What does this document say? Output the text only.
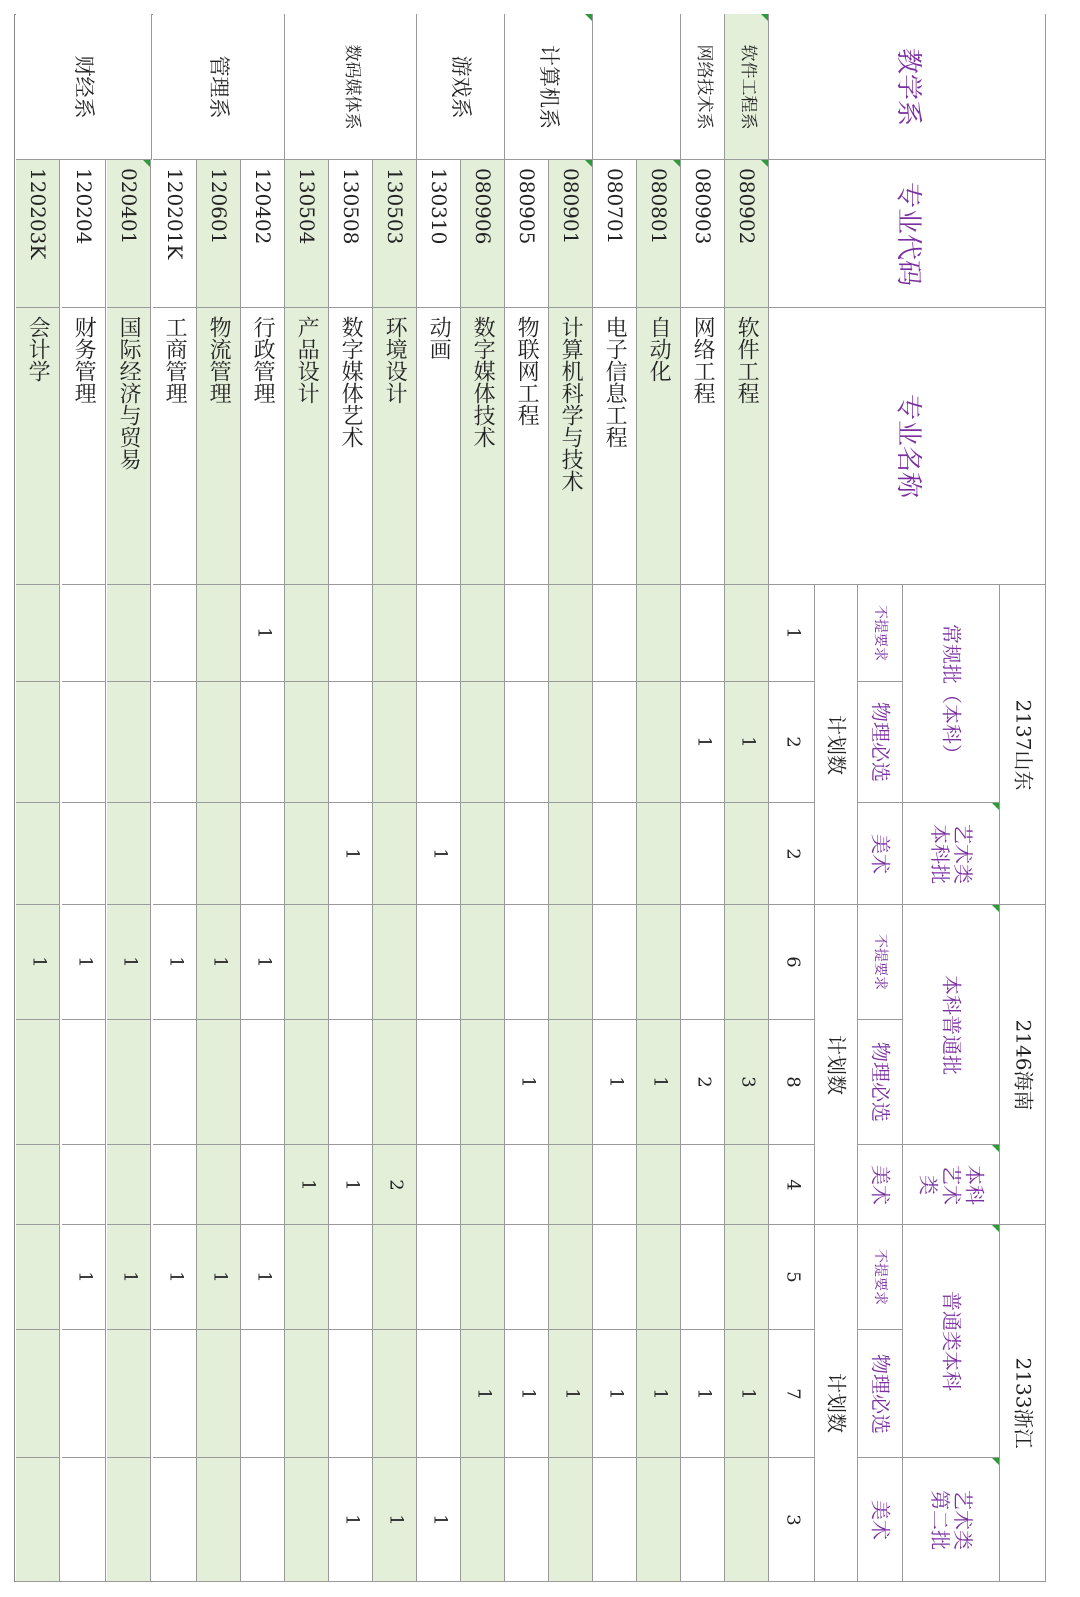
教学系
专业代码
专业名称
软件工程系
网络技术系
计算机系
游戏系
数码媒体系
管理系
财经系
080902
软件工程
080903
网络工程
080801
自动化
080701
电子信息工程
080901
计算机科学与技术
080905
物联网工程
080906
数字媒体技术
130310
动画
130503
环境设计
130508
数字媒体艺术
130504
产品设计
120402
行政管理
120601
物流管理
120201K
工商管理
020401
国际经济与贸易
120204
财务管理
120203K
会计学
2137山东
计划数	常规批（本科）
不提要求
1
物理必选
2
艺术类
本科批
美术
2
2146海南
计划数	本科普通批
不提要求
6
物理必选
8
本科
艺术
类
美术
4
2133浙江
计划数
普通类本科
不提要求
5
物理必选
7
艺术类
第二批
美术
3
1
3
1
1
2
1
1
1
1
1
1
1
1
1
1
1
2
1
1
1
1
1
1
1
1
1
1
1
1
1
1
1
1
1
